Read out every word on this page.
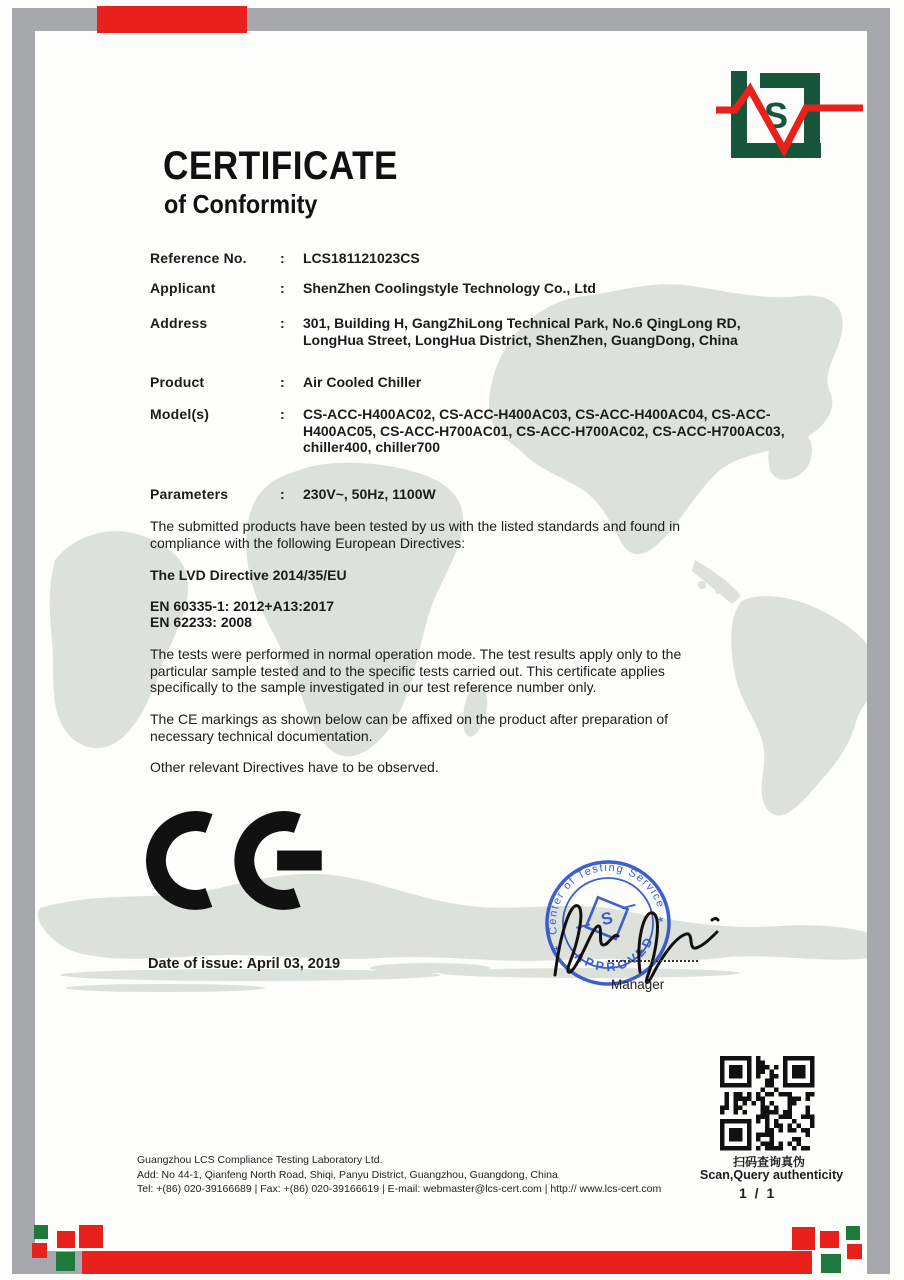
S
CERTIFICATE
of Conformity
Reference No. : LCS181121023CS
Applicant	: ShenZhen Coolingstyle Technology Co., Ltd
Address	: 301, Building H, GangZhiLong Technical Park, No.6 QingLong RD, LongHua Street, LongHua District, ShenZhen, GuangDong, China
Product	: Air Cooled Chiller
Model(s)	: CS-ACC-H400AC02, CS-ACC-H400AC03, CS-ACC-H400AC04, CS-ACC-H400AC05, CS-ACC-H700AC01, CS-ACC-H700AC02, CS-ACC-H700AC03, chiller400, chiller700
Parameters	: 230V~, 50Hz, 1100W
The submitted products have been tested by us with the listed standards and found in compliance with the following European Directives:
The LVD Directive 2014/35/EU
EN 60335-1: 2012+A13:2017
EN 62233: 2008
The tests were performed in normal operation mode. The test results apply only to the particular sample tested and to the specific tests carried out. This certificate applies specifically to the sample investigated in our test reference number only.
The CE markings as shown below can be affixed on the product after preparation of necessary technical documentation.
Other relevant Directives have to be observed.
Date of issue: April 03, 2019
Center of Testing Service
APPROVED
*
*
S
Manager
Guangzhou LCS Compliance Testing Laboratory Ltd.
Add: No 44-1, Qianfeng North Road, Shiqi, Panyu District, Guangzhou, Guangdong, China
Tel: +(86) 020-39166689 | Fax: +(86) 020-39166619 | E-mail: webmaster@lcs-cert.com | http:// www.lcs-cert.com
扫码查询真伪
Scan,Query authenticity
1 / 1
